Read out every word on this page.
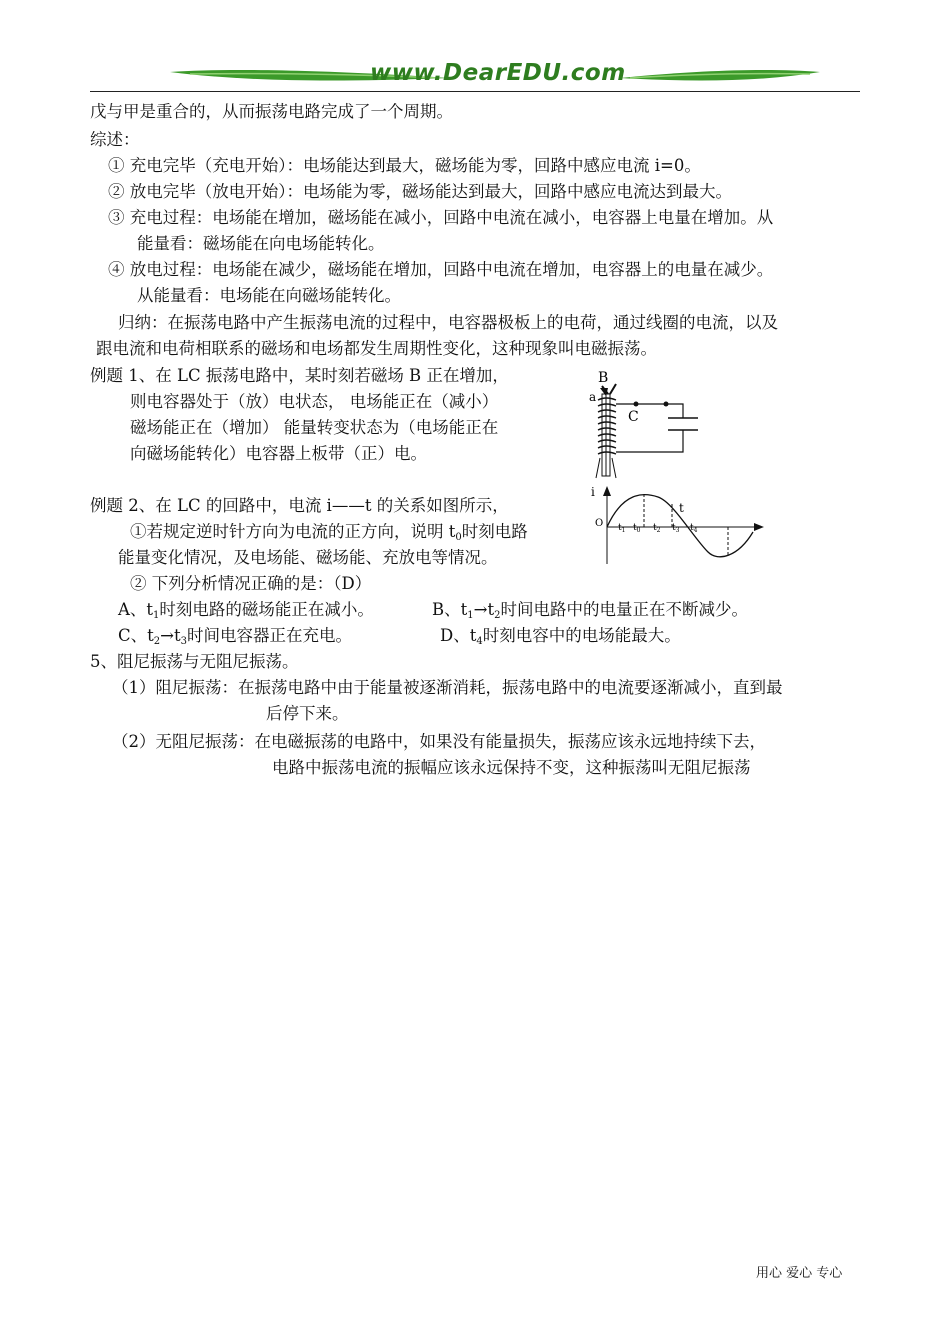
www.DearEDU.com
戊与甲是重合的，从而振荡电路完成了一个周期。
综述：
① 充电完毕（充电开始）：电场能达到最大，磁场能为零，回路中感应电流 i=0。
② 放电完毕（放电开始）：电场能为零，磁场能达到最大，回路中感应电流达到最大。
③ 充电过程：电场能在增加，磁场能在减小，回路中电流在减小，电容器上电量在增加。从
能量看：磁场能在向电场能转化。
④ 放电过程：电场能在减少，磁场能在增加，回路中电流在增加，电容器上的电量在减少。
从能量看：电场能在向磁场能转化。
归纳：在振荡电路中产生振荡电流的过程中，电容器极板上的电荷，通过线圈的电流，以及
跟电流和电荷相联系的磁场和电场都发生周期性变化，这种现象叫电磁振荡。
例题 1、在 LC 振荡电路中，某时刻若磁场 B 正在增加，
则电容器处于（放）电状态， 电场能正在（减小）
磁场能正在（增加） 能量转变状态为（电场能正在
向磁场能转化）电容器上板带（正）电。
例题 2、在 LC 的回路中，电流 i——t 的关系如图所示，
①若规定逆时针方向为电流的正方向，说明 $t_0$时刻电路
能量变化情况，及电场能、磁场能、充放电等情况。
② 下列分析情况正确的是：（D）
A、$t_1$时刻电路的磁场能正在减小。	B、$t_1\to t_2$时间电路中的电量正在不断减少。
C、$t_2\to t_3$时间电容器正在充电。	D、$t_4$时刻电容中的电场能最大。
5、阻尼振荡与无阻尼振荡。
（1）阻尼振荡：在振荡电路中由于能量被逐渐消耗，振荡电路中的电流要逐渐减小，直到最
后停下来。
（2）无阻尼振荡：在电磁振荡的电路中，如果没有能量损失，振荡应该永远地持续下去，
电路中振荡电流的振幅应该永远保持不变，这种振荡叫无阻尼振荡
B
a
C
i
t
O $t_1$ $t_0$ $t_2$ $t_3$ $t_4$
用心 爱心 专心
